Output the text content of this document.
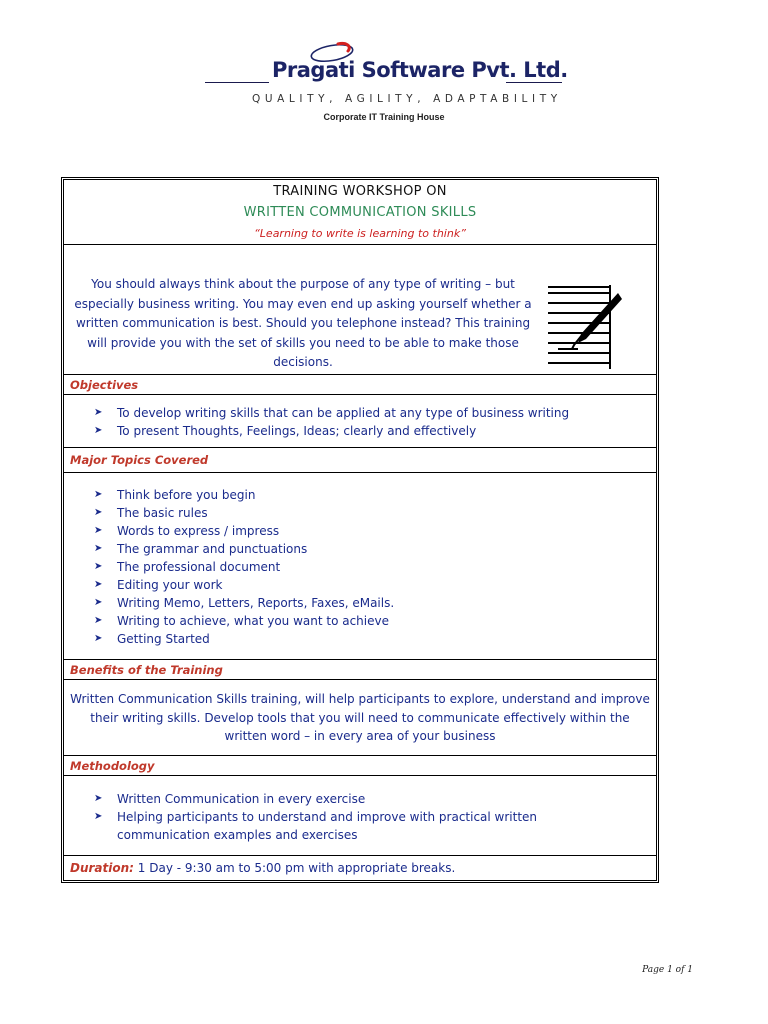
Pragati Software Pvt. Ltd.
QUALITY, AGILITY, ADAPTABILITY
Corporate IT Training House
TRAINING WORKSHOP ON
WRITTEN COMMUNICATION SKILLS
“Learning to write is learning to think”
You should always think about the purpose of any type of writing – but especially business writing. You may even end up asking yourself whether a written communication is best. Should you telephone instead? This training will provide you with the set of skills you need to be able to make those decisions.
Objectives
➤ To develop writing skills that can be applied at any type of business writing
➤ To present Thoughts, Feelings, Ideas; clearly and effectively
Major Topics Covered
➤ Think before you begin
➤ The basic rules
➤ Words to express / impress
➤ The grammar and punctuations
➤ The professional document
➤ Editing your work
➤ Writing Memo, Letters, Reports, Faxes, eMails.
➤ Writing to achieve, what you want to achieve
➤ Getting Started
Benefits of the Training
Written Communication Skills training, will help participants to explore, understand and improve their writing skills. Develop tools that you will need to communicate effectively within the written word – in every area of your business
Methodology
➤ Written Communication in every exercise
➤ Helping participants to understand and improve with practical written communication examples and exercises
Duration: 1 Day - 9:30 am to 5:00 pm with appropriate breaks.
Page 1 of 1
